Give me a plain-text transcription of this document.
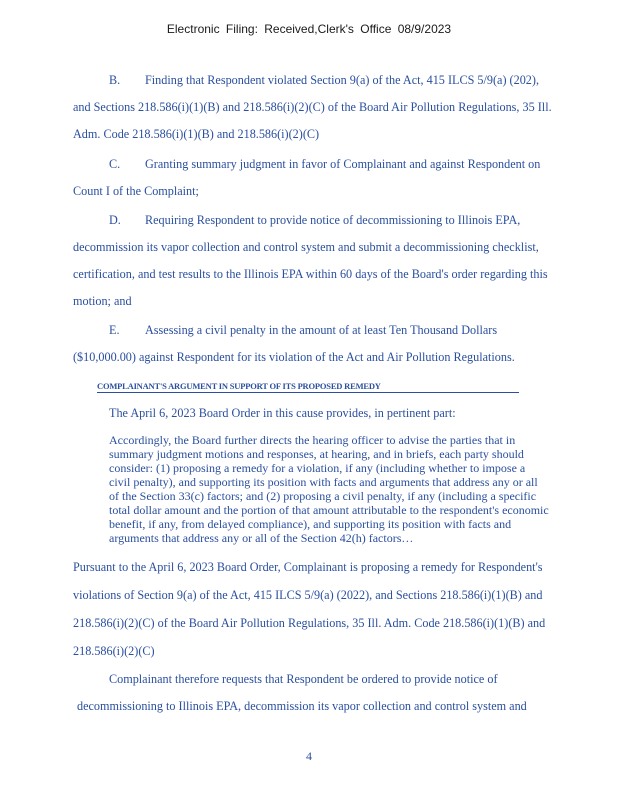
Electronic Filing: Received,Clerk's Office 08/9/2023
B. Finding that Respondent violated Section 9(a) of the Act, 415 ILCS 5/9(a) (202),
and Sections 218.586(i)(1)(B) and 218.586(i)(2)(C) of the Board Air Pollution Regulations, 35 Ill.
Adm. Code 218.586(i)(1)(B) and 218.586(i)(2)(C)
C. Granting summary judgment in favor of Complainant and against Respondent on
Count I of the Complaint;
D. Requiring Respondent to provide notice of decommissioning to Illinois EPA,
decommission its vapor collection and control system and submit a decommissioning checklist,
certification, and test results to the Illinois EPA within 60 days of the Board's order regarding this
motion; and
E. Assessing a civil penalty in the amount of at least Ten Thousand Dollars
($10,000.00) against Respondent for its violation of the Act and Air Pollution Regulations.
COMPLAINANT'S ARGUMENT IN SUPPORT OF ITS PROPOSED REMEDY
The April 6, 2023 Board Order in this cause provides, in pertinent part:
Accordingly, the Board further directs the hearing officer to advise the parties that in
summary judgment motions and responses, at hearing, and in briefs, each party should
consider: (1) proposing a remedy for a violation, if any (including whether to impose a
civil penalty), and supporting its position with facts and arguments that address any or all
of the Section 33(c) factors; and (2) proposing a civil penalty, if any (including a specific
total dollar amount and the portion of that amount attributable to the respondent's economic
benefit, if any, from delayed compliance), and supporting its position with facts and
arguments that address any or all of the Section 42(h) factors…
Pursuant to the April 6, 2023 Board Order, Complainant is proposing a remedy for Respondent's
violations of Section 9(a) of the Act, 415 ILCS 5/9(a) (2022), and Sections 218.586(i)(1)(B) and
218.586(i)(2)(C) of the Board Air Pollution Regulations, 35 Ill. Adm. Code 218.586(i)(1)(B) and
218.586(i)(2)(C)
Complainant therefore requests that Respondent be ordered to provide notice of
decommissioning to Illinois EPA, decommission its vapor collection and control system and
4
